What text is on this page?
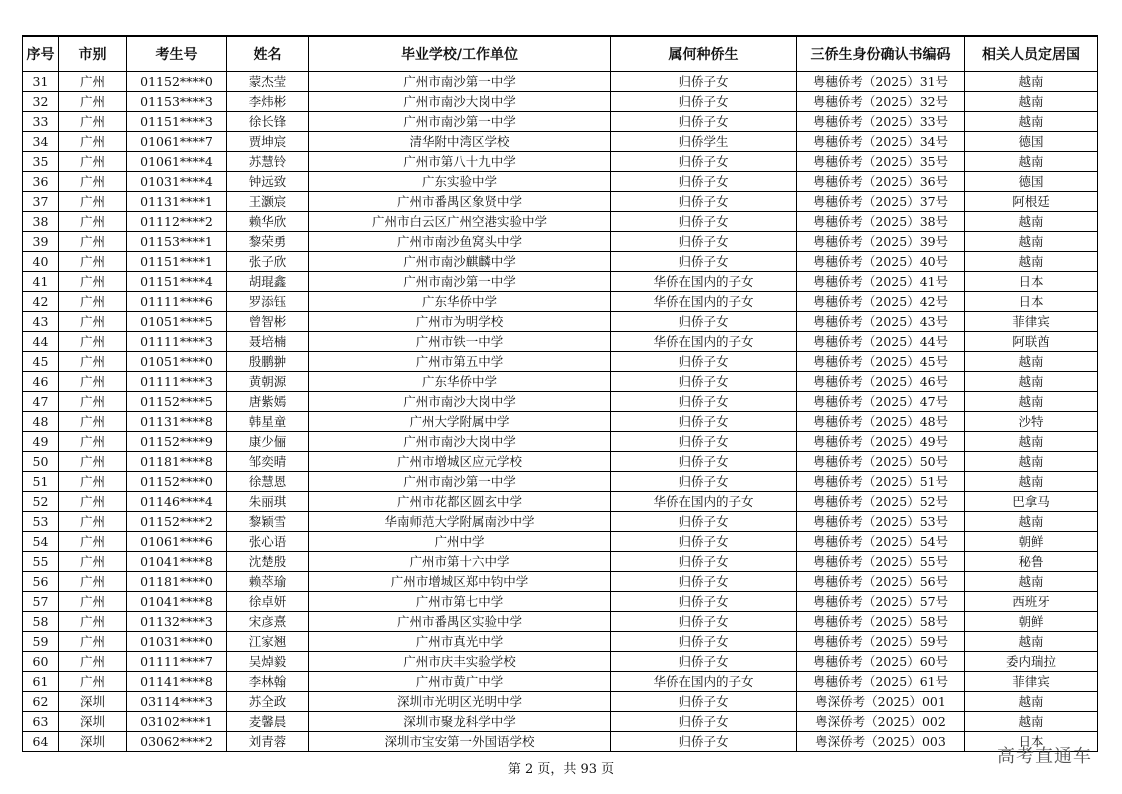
序号	市别	考生号	姓名	毕业学校/工作单位	属何种侨生	三侨生身份确认书编码	相关人员定居国
31	广州	01152****0	蒙杰莹	广州市南沙第一中学	归侨子女	粤穗侨考（2025）31号	越南
32	广州	01153****3	李炜彬	广州市南沙大岗中学	归侨子女	粤穗侨考（2025）32号	越南
33	广州	01151****3	徐长锋	广州市南沙第一中学	归侨子女	粤穗侨考（2025）33号	越南
34	广州	01061****7	贾坤宸	清华附中湾区学校	归侨学生	粤穗侨考（2025）34号	德国
35	广州	01061****4	苏慧铃	广州市第八十九中学	归侨子女	粤穗侨考（2025）35号	越南
36	广州	01031****4	钟远致	广东实验中学	归侨子女	粤穗侨考（2025）36号	德国
37	广州	01131****1	王灏宸	广州市番禺区象贤中学	归侨子女	粤穗侨考（2025）37号	阿根廷
38	广州	01112****2	赖华欣	广州市白云区广州空港实验中学	归侨子女	粤穗侨考（2025）38号	越南
39	广州	01153****1	黎荣勇	广州市南沙鱼窝头中学	归侨子女	粤穗侨考（2025）39号	越南
40	广州	01151****1	张子欣	广州市南沙麒麟中学	归侨子女	粤穗侨考（2025）40号	越南
41	广州	01151****4	胡琨鑫	广州市南沙第一中学	华侨在国内的子女	粤穗侨考（2025）41号	日本
42	广州	01111****6	罗添钰	广东华侨中学	华侨在国内的子女	粤穗侨考（2025）42号	日本
43	广州	01051****5	曾智彬	广州市为明学校	归侨子女	粤穗侨考（2025）43号	菲律宾
44	广州	01111****3	聂培楠	广州市铁一中学	华侨在国内的子女	粤穗侨考（2025）44号	阿联酋
45	广州	01051****0	殷鹏翀	广州市第五中学	归侨子女	粤穗侨考（2025）45号	越南
46	广州	01111****3	黄朝源	广东华侨中学	归侨子女	粤穗侨考（2025）46号	越南
47	广州	01152****5	唐紫嫣	广州市南沙大岗中学	归侨子女	粤穗侨考（2025）47号	越南
48	广州	01131****8	韩星童	广州大学附属中学	归侨子女	粤穗侨考（2025）48号	沙特
49	广州	01152****9	康少俪	广州市南沙大岗中学	归侨子女	粤穗侨考（2025）49号	越南
50	广州	01181****8	邹奕晴	广州市增城区应元学校	归侨子女	粤穗侨考（2025）50号	越南
51	广州	01152****0	徐慧恩	广州市南沙第一中学	归侨子女	粤穗侨考（2025）51号	越南
52	广州	01146****4	朱丽琪	广州市花都区圆玄中学	华侨在国内的子女	粤穗侨考（2025）52号	巴拿马
53	广州	01152****2	黎颖雪	华南师范大学附属南沙中学	归侨子女	粤穗侨考（2025）53号	越南
54	广州	01061****6	张心语	广州中学	归侨子女	粤穗侨考（2025）54号	朝鲜
55	广州	01041****8	沈楚殷	广州市第十六中学	归侨子女	粤穗侨考（2025）55号	秘鲁
56	广州	01181****0	赖萃瑜	广州市增城区郑中钧中学	归侨子女	粤穗侨考（2025）56号	越南
57	广州	01041****8	徐卓妍	广州市第七中学	归侨子女	粤穗侨考（2025）57号	西班牙
58	广州	01132****3	宋彦熹	广州市番禺区实验中学	归侨子女	粤穗侨考（2025）58号	朝鲜
59	广州	01031****0	江家翘	广州市真光中学	归侨子女	粤穗侨考（2025）59号	越南
60	广州	01111****7	吴焯毅	广州市庆丰实验学校	归侨子女	粤穗侨考（2025）60号	委内瑞拉
61	广州	01141****8	李林翰	广州市黄广中学	华侨在国内的子女	粤穗侨考（2025）61号	菲律宾
62	深圳	03114****3	苏全政	深圳市光明区光明中学	归侨子女	粤深侨考（2025）001	越南
63	深圳	03102****1	麦馨晨	深圳市聚龙科学中学	归侨子女	粤深侨考（2025）002	越南
64	深圳	03062****2	刘青蓉	深圳市宝安第一外国语学校	归侨子女	粤深侨考（2025）003	日本
第 2 页，共 93 页
高考直通车
